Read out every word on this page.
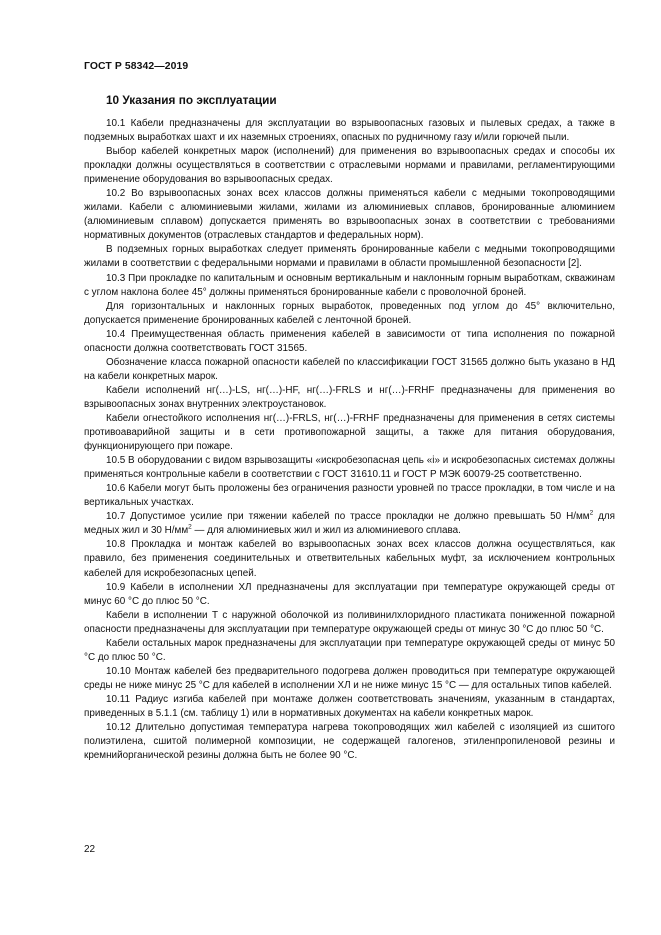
ГОСТ Р 58342—2019
10 Указания по эксплуатации

10.1 Кабели предназначены для эксплуатации во взрывоопасных газовых и пылевых средах, а также в подземных выработках шахт и их наземных строениях, опасных по рудничному газу и/или горючей пыли.

Выбор кабелей конкретных марок (исполнений) для применения во взрывоопасных средах и способы их прокладки должны осуществляться в соответствии с отраслевыми нормами и правилами, регламентирующими применение оборудования во взрывоопасных средах.

10.2 Во взрывоопасных зонах всех классов должны применяться кабели с медными токопроводящими жилами. Кабели с алюминиевыми жилами, жилами из алюминиевых сплавов, бронированные алюминием (алюминиевым сплавом) допускается применять во взрывоопасных зонах в соответствии с требованиями нормативных документов (отраслевых стандартов и федеральных норм).

В подземных горных выработках следует применять бронированные кабели с медными токопроводящими жилами в соответствии с федеральными нормами и правилами в области промышленной безопасности [2].

10.3 При прокладке по капитальным и основным вертикальным и наклонным горным выработкам, скважинам с углом наклона более 45° должны применяться бронированные кабели с проволочной броней.

Для горизонтальных и наклонных горных выработок, проведенных под углом до 45° включительно, допускается применение бронированных кабелей с ленточной броней.

10.4 Преимущественная область применения кабелей в зависимости от типа исполнения по пожарной опасности должна соответствовать ГОСТ 31565.

Обозначение класса пожарной опасности кабелей по классификации ГОСТ 31565 должно быть указано в НД на кабели конкретных марок.

Кабели исполнений нг(…)-LS, нг(…)-HF, нг(…)-FRLS и нг(…)-FRHF предназначены для применения во взрывоопасных зонах внутренних электроустановок.

Кабели огнестойкого исполнения нг(…)-FRLS, нг(…)-FRHF предназначены для применения в сетях системы противоаварийной защиты и в сети противопожарной защиты, а также для питания оборудования, функционирующего при пожаре.

10.5 В оборудовании с видом взрывозащиты «искробезопасная цепь «i» и искробезопасных системах должны применяться контрольные кабели в соответствии с ГОСТ 31610.11 и ГОСТ Р МЭК 60079-25 соответственно.

10.6 Кабели могут быть проложены без ограничения разности уровней по трассе прокладки, в том числе и на вертикальных участках.

10.7 Допустимое усилие при тяжении кабелей по трассе прокладки не должно превышать 50 $Н/мм^2$ для медных жил и 30 $Н/мм^2$ — для алюминиевых жил и жил из алюминиевого сплава.

10.8 Прокладка и монтаж кабелей во взрывоопасных зонах всех классов должна осуществляться, как правило, без применения соединительных и ответвительных кабельных муфт, за исключением контрольных кабелей для искробезопасных цепей.

10.9 Кабели в исполнении ХЛ предназначены для эксплуатации при температуре окружающей среды от минус 60 °С до плюс 50 °С.

Кабели в исполнении Т с наружной оболочкой из поливинилхлоридного пластиката пониженной пожарной опасности предназначены для эксплуатации при температуре окружающей среды от минус 30 °С до плюс 50 °С.

Кабели остальных марок предназначены для эксплуатации при температуре окружающей среды от минус 50 °С до плюс 50 °С.

10.10 Монтаж кабелей без предварительного подогрева должен проводиться при температуре окружающей среды не ниже минус 25 °С для кабелей в исполнении ХЛ и не ниже минус 15 °С — для остальных типов кабелей.

10.11 Радиус изгиба кабелей при монтаже должен соответствовать значениям, указанным в стандартах, приведенных в 5.1.1 (см. таблицу 1) или в нормативных документах на кабели конкретных марок.

10.12 Длительно допустимая температура нагрева токопроводящих жил кабелей с изоляцией из сшитого полиэтилена, сшитой полимерной композиции, не содержащей галогенов, этиленпропиленовой резины и кремнийорганической резины должна быть не более 90 °С.

22
